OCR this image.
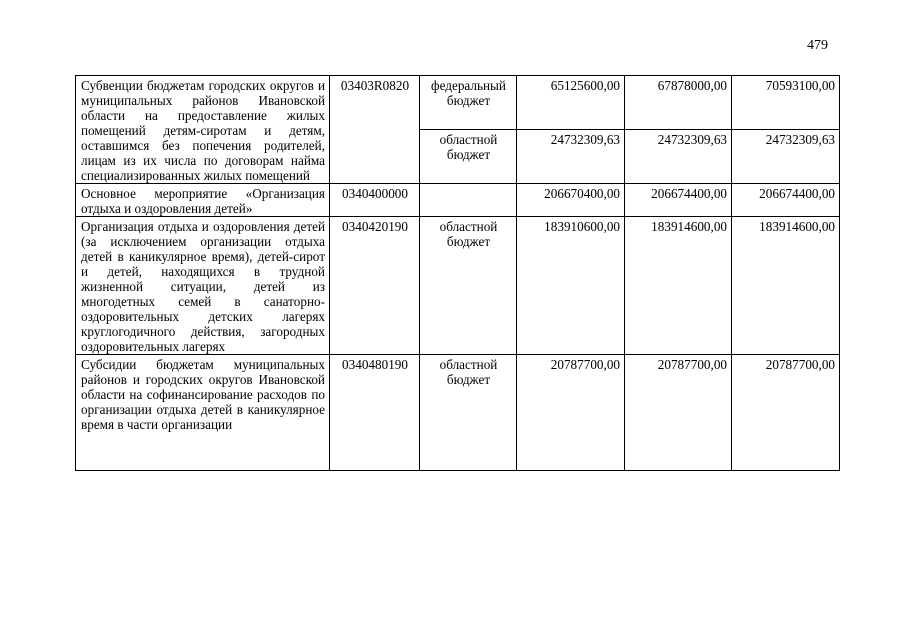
479
Субвенции бюджетам городских округов и муниципальных районов Ивановской области на предоставление жилых помещений детям-сиротам и детям, оставшимся без попечения родителей, лицам из их числа по договорам найма специализированных жилых помещений	03403R0820	федеральный бюджет	65125600,00	67878000,00	70593100,00
		областной бюджет	24732309,63	24732309,63	24732309,63
Основное мероприятие «Организация отдыха и оздоровления детей»	0340400000		206670400,00	206674400,00	206674400,00
Организация отдыха и оздоровления детей (за исключением организации отдыха детей в каникулярное время), детей-сирот и детей, находящихся в трудной жизненной ситуации, детей из многодетных семей в санаторно-оздоровительных детских лагерях круглогодичного действия, загородных оздоровительных лагерях	0340420190	областной бюджет	183910600,00	183914600,00	183914600,00
Субсидии бюджетам муниципальных районов и городских округов Ивановской области на софинансирование расходов по организации отдыха детей в каникулярное время в части организации	0340480190	областной бюджет	20787700,00	20787700,00	20787700,00
